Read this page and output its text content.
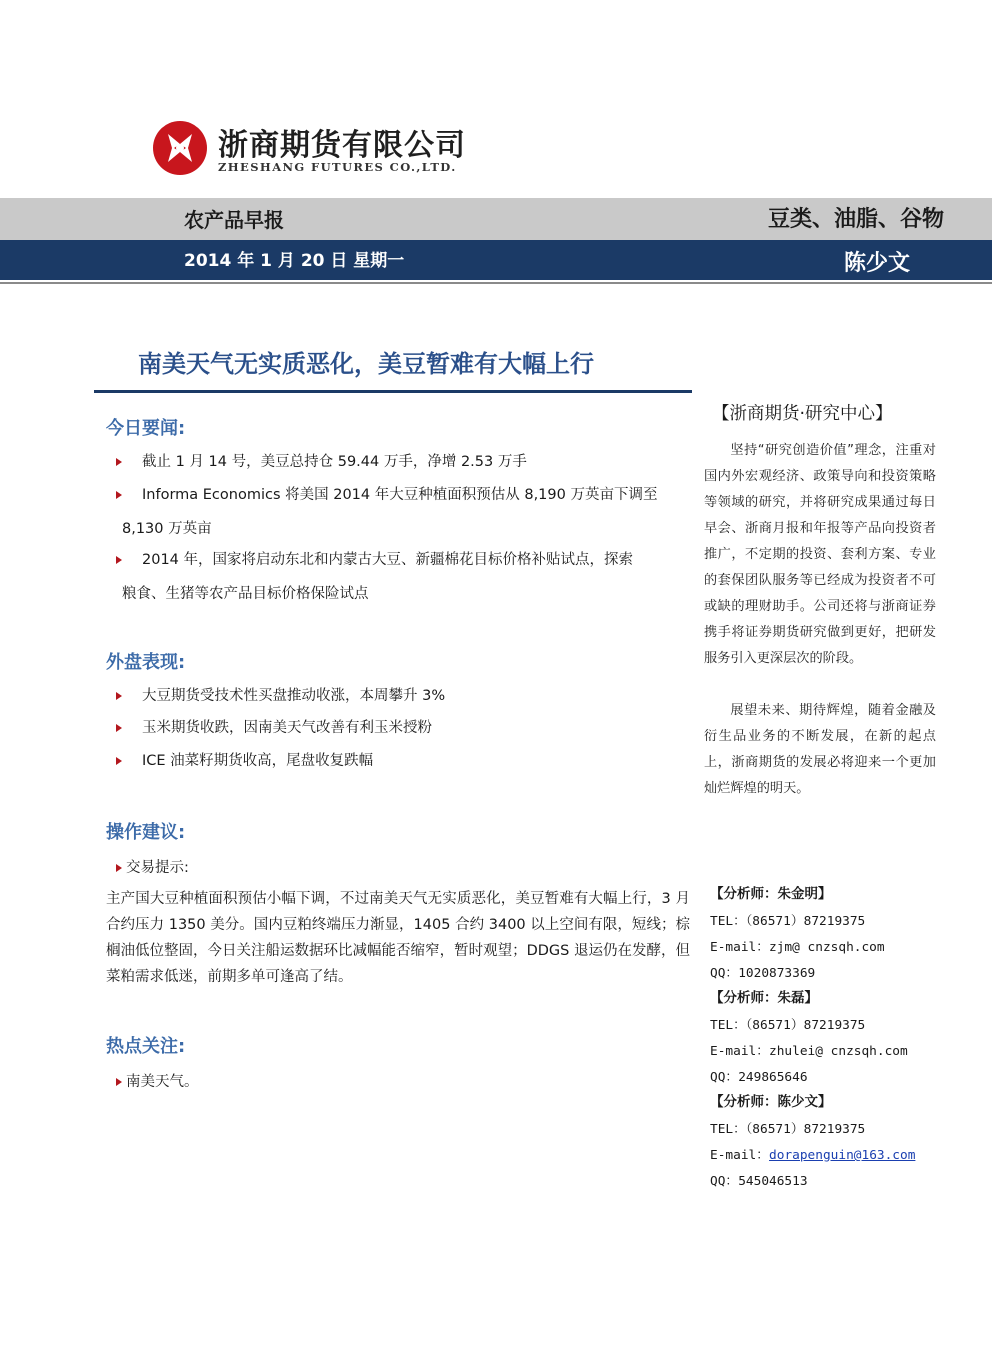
浙商期货有限公司
ZHESHANG FUTURES CO.,LTD.
农产品早报	豆类、油脂、谷物
2014 年 1 月 20 日 星期一	陈少文
南美天气无实质恶化，美豆暂难有大幅上行
今日要闻:
截止 1 月 14 号，美豆总持仓 59.44 万手，净增 2.53 万手
Informa Economics 将美国 2014 年大豆种植面积预估从 8,190 万英亩下调至
8,130 万英亩
2014 年，国家将启动东北和内蒙古大豆、新疆棉花目标价格补贴试点，探索
粮食、生猪等农产品目标价格保险试点
外盘表现:
大豆期货受技术性买盘推动收涨，本周攀升 3%
玉米期货收跌，因南美天气改善有利玉米授粉
ICE 油菜籽期货收高，尾盘收复跌幅
操作建议:
交易提示:
主产国大豆种植面积预估小幅下调，不过南美天气无实质恶化，美豆暂难有大幅上行，3 月合约压力 1350 美分。国内豆粕终端压力渐显，1405 合约 3400 以上空间有限，短线；棕榈油低位整固，今日关注船运数据环比减幅能否缩窄，暂时观望；DDGS 退运仍在发酵，但菜粕需求低迷，前期多单可逢高了结。
热点关注:
南美天气。
【浙商期货·研究中心】
坚持“研究创造价值”理念，注重对国内外宏观经济、政策导向和投资策略等领域的研究，并将研究成果通过每日早会、浙商月报和年报等产品向投资者推广，不定期的投资、套利方案、专业的套保团队服务等已经成为投资者不可或缺的理财助手。公司还将与浙商证券携手将证券期货研究做到更好，把研发服务引入更深层次的阶段。
展望未来、期待辉煌，随着金融及衍生品业务的不断发展，在新的起点上，浙商期货的发展必将迎来一个更加灿烂辉煌的明天。
【分析师：朱金明】
TEL：（86571）87219375
E-mail：zjm@ cnzsqh.com
QQ：1020873369
【分析师：朱磊】
TEL：（86571）87219375
E-mail：zhulei@ cnzsqh.com
QQ：249865646
【分析师：陈少文】
TEL：（86571）87219375
E-mail：dorapenguin@163.com
QQ：545046513
